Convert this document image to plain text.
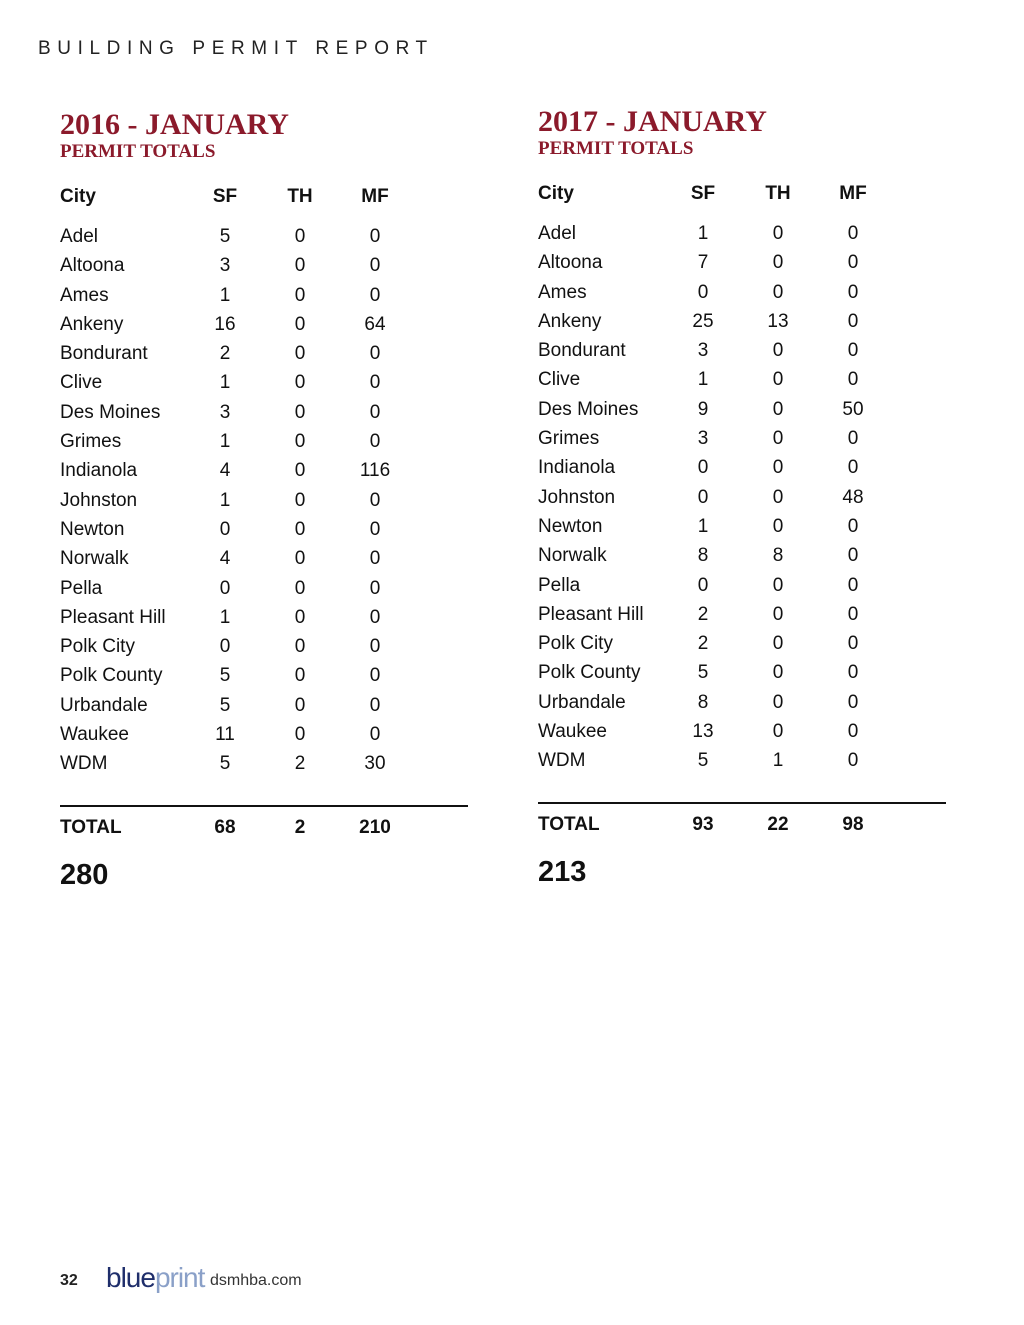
BUILDING PERMIT REPORT
2016 - JANUARY
PERMIT TOTALS
City	SF	TH	MF
Adel	5	0	0
Altoona	3	0	0
Ames	1	0	0
Ankeny	16	0	64
Bondurant	2	0	0
Clive	1	0	0
Des Moines	3	0	0
Grimes	1	0	0
Indianola	4	0	116
Johnston	1	0	0
Newton	0	0	0
Norwalk	4	0	0
Pella	0	0	0
Pleasant Hill	1	0	0
Polk City	0	0	0
Polk County	5	0	0
Urbandale	5	0	0
Waukee	11	0	0
WDM	5	2	30
TOTAL	68	2	210
280
2017 - JANUARY
PERMIT TOTALS
City	SF	TH	MF
Adel	1	0	0
Altoona	7	0	0
Ames	0	0	0
Ankeny	25	13	0
Bondurant	3	0	0
Clive	1	0	0
Des Moines	9	0	50
Grimes	3	0	0
Indianola	0	0	0
Johnston	0	0	48
Newton	1	0	0
Norwalk	8	8	0
Pella	0	0	0
Pleasant Hill	2	0	0
Polk City	2	0	0
Polk County	5	0	0
Urbandale	8	0	0
Waukee	13	0	0
WDM	5	1	0
TOTAL	93	22	98
213
32 blueprint dsmhba.com
